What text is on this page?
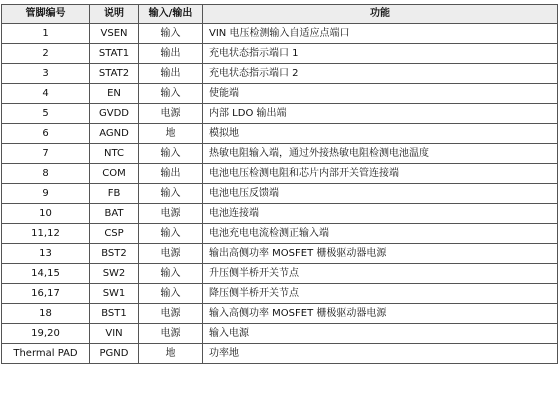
管脚编号	说明	输入/输出	功能
1	VSEN	输入	VIN 电压检测输入自适应点端口
2	STAT1	输出	充电状态指示端口 1
3	STAT2	输出	充电状态指示端口 2
4	EN	输入	使能端
5	GVDD	电源	内部 LDO 输出端
6	AGND	地	模拟地
7	NTC	输入	热敏电阻输入端，通过外接热敏电阻检测电池温度
8	COM	输出	电池电压检测电阻和芯片内部开关管连接端
9	FB	输入	电池电压反馈端
10	BAT	电源	电池连接端
11,12	CSP	输入	电池充电电流检测正输入端
13	BST2	电源	输出高侧功率 MOSFET 栅极驱动器电源
14,15	SW2	输入	升压侧半桥开关节点
16,17	SW1	输入	降压侧半桥开关节点
18	BST1	电源	输入高侧功率 MOSFET 栅极驱动器电源
19,20	VIN	电源	输入电源
Thermal PAD	PGND	地	功率地
